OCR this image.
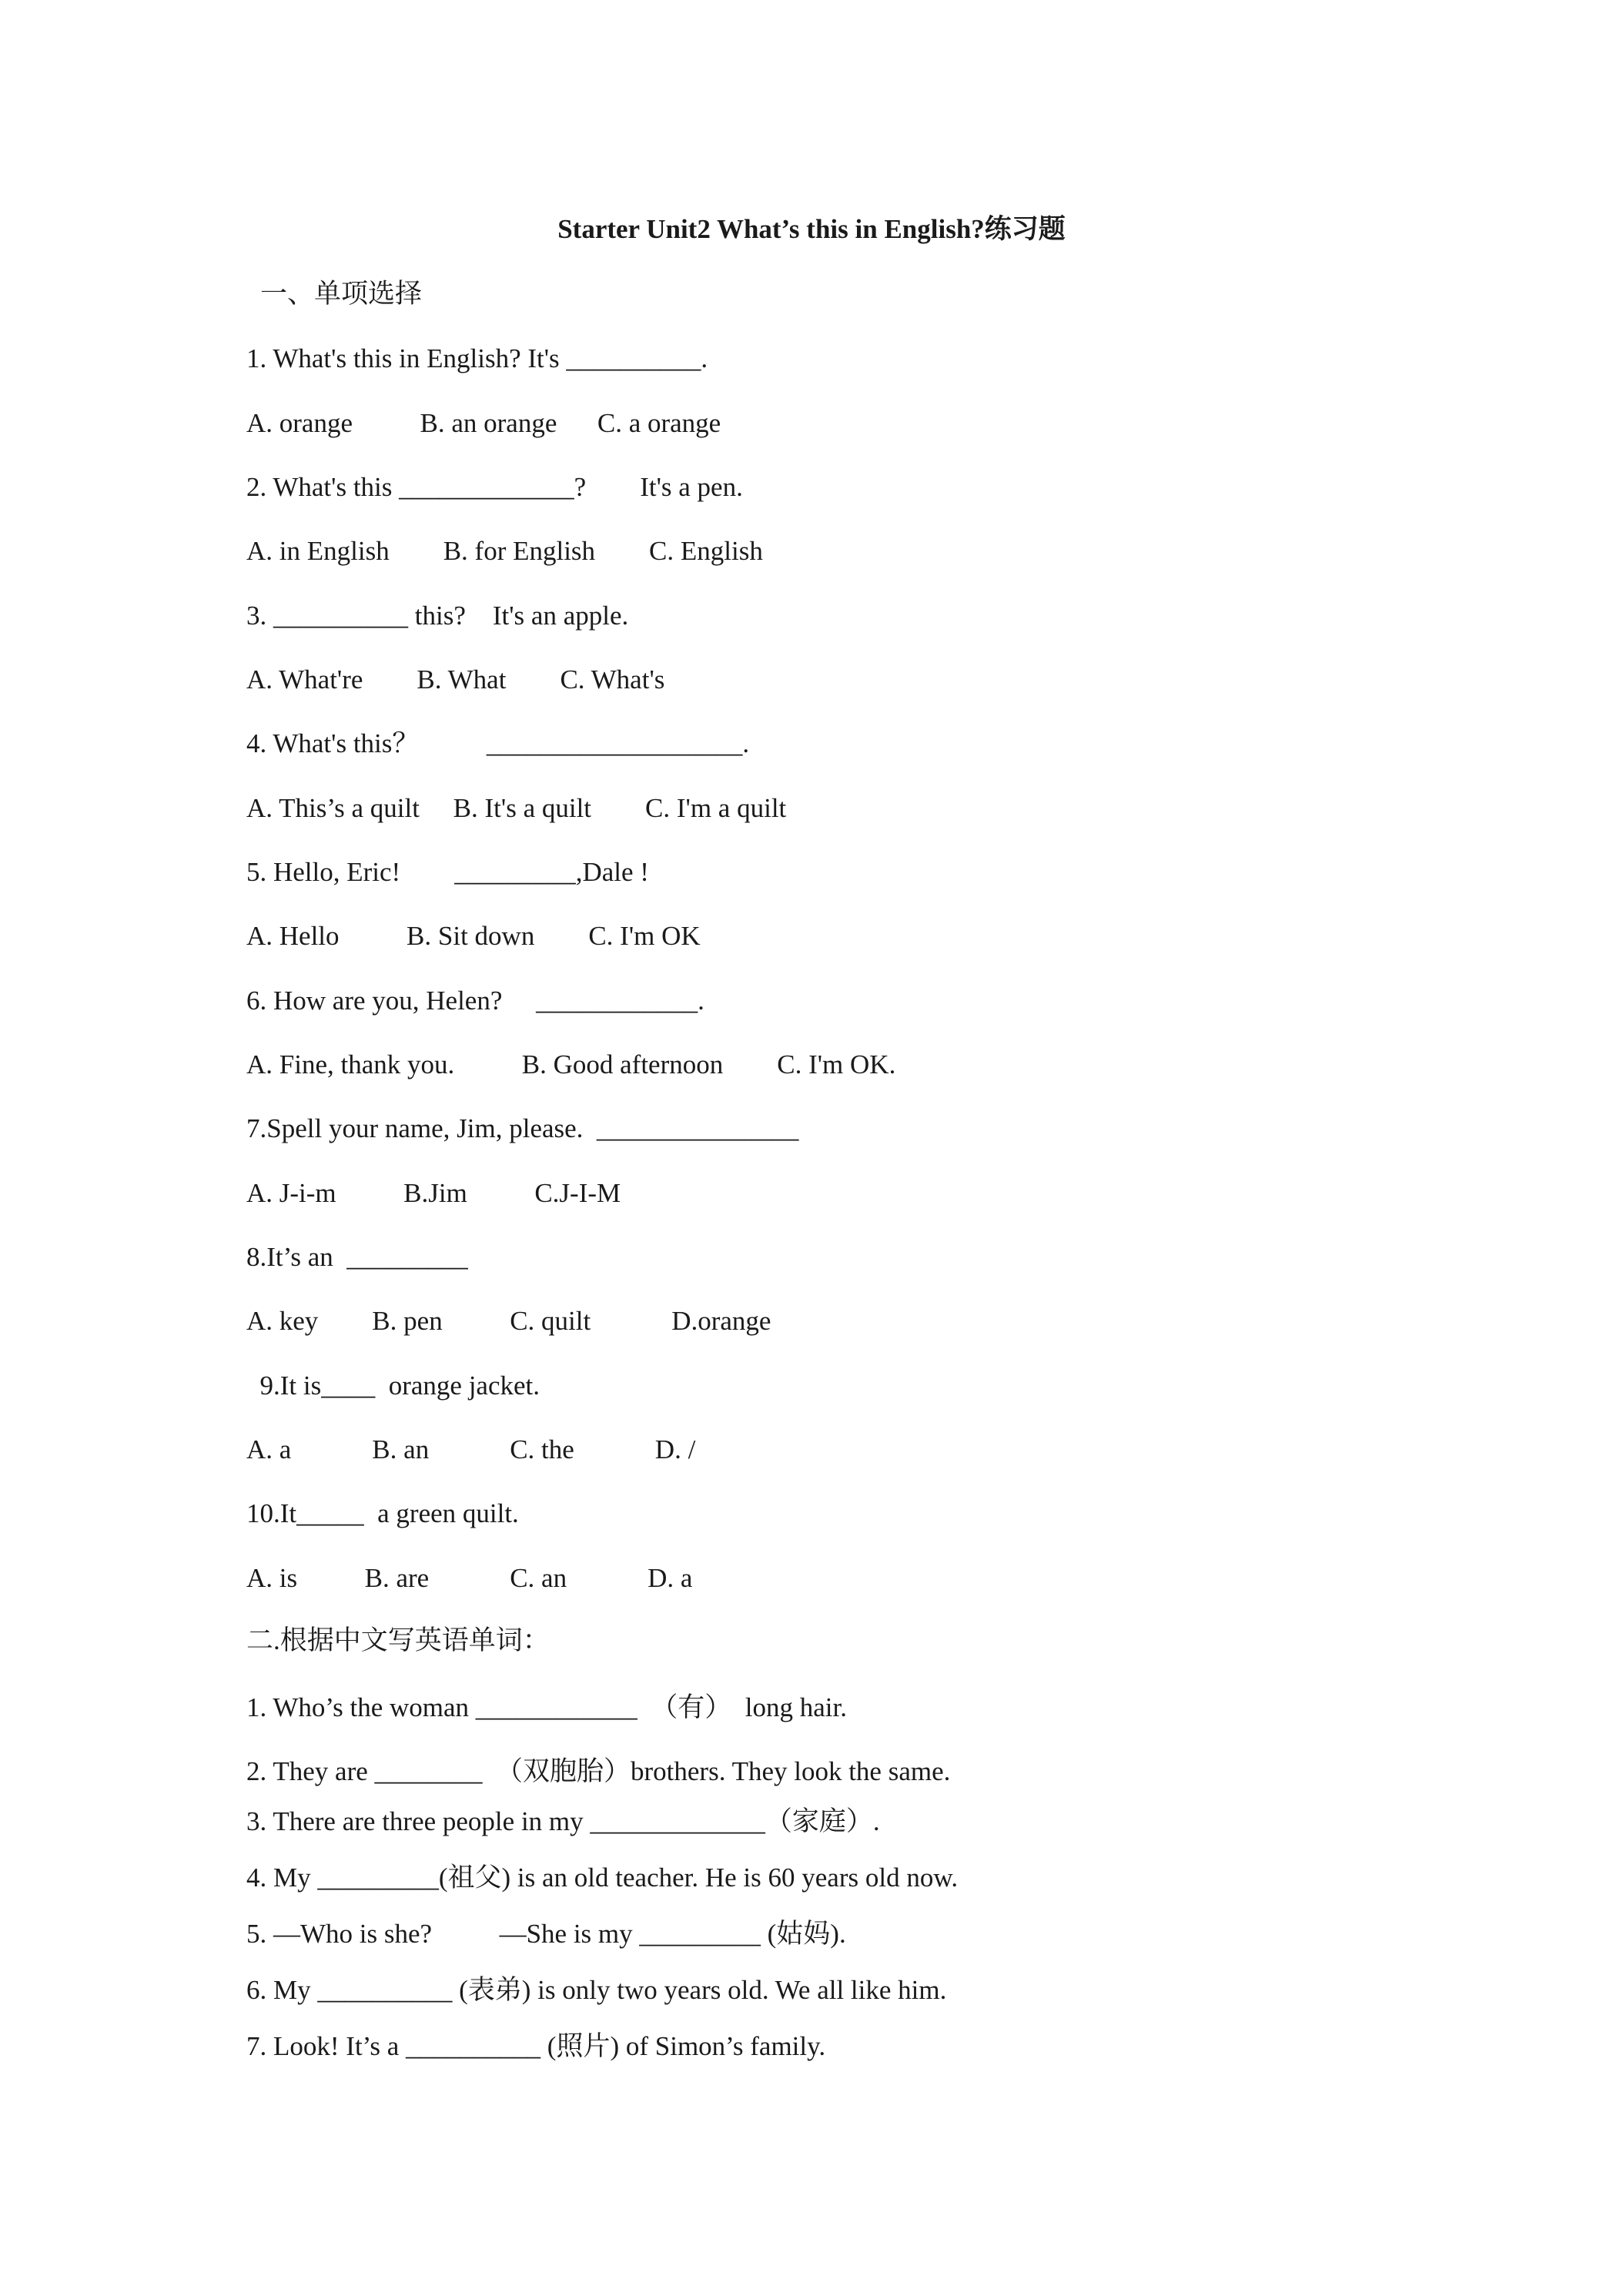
Starter Unit2 What’s this in English?练习题
一、单项选择
1. What's this in English? It's __________.
A. orange          B. an orange      C. a orange
2. What's this _____________?        It's a pen.
A. in English        B. for English        C. English
3. __________ this?    It's an apple.
A. What're        B. What        C. What's
4. What's this？          ___________________.
A. This’s a quilt     B. It's a quilt        C. I'm a quilt
5. Hello, Eric!        _________,Dale !
A. Hello          B. Sit down        C. I'm OK
6. How are you, Helen?     ____________.
A. Fine, thank you.          B. Good afternoon        C. I'm OK.
7.Spell your name, Jim, please.  _______________
A. J-i-m          B.Jim          C.J-I-M
8.It’s an  _________
A. key        B. pen          C. quilt            D.orange
9.It is____  orange jacket.
A. a            B. an            C. the            D. /
10.It_____  a green quilt.
A. is          B. are            C. an            D. a
二.根据中文写英语单词：
1. Who’s the woman ____________  （有）  long hair.
2. They are ________  （双胞胎）brothers. They look the same.
3. There are three people in my _____________（家庭）.
4. My _________(祖父) is an old teacher. He is 60 years old now.
5. —Who is she?          —She is my _________ (姑妈).
6. My __________ (表弟) is only two years old. We all like him.
7. Look! It’s a __________ (照片) of Simon’s family.
